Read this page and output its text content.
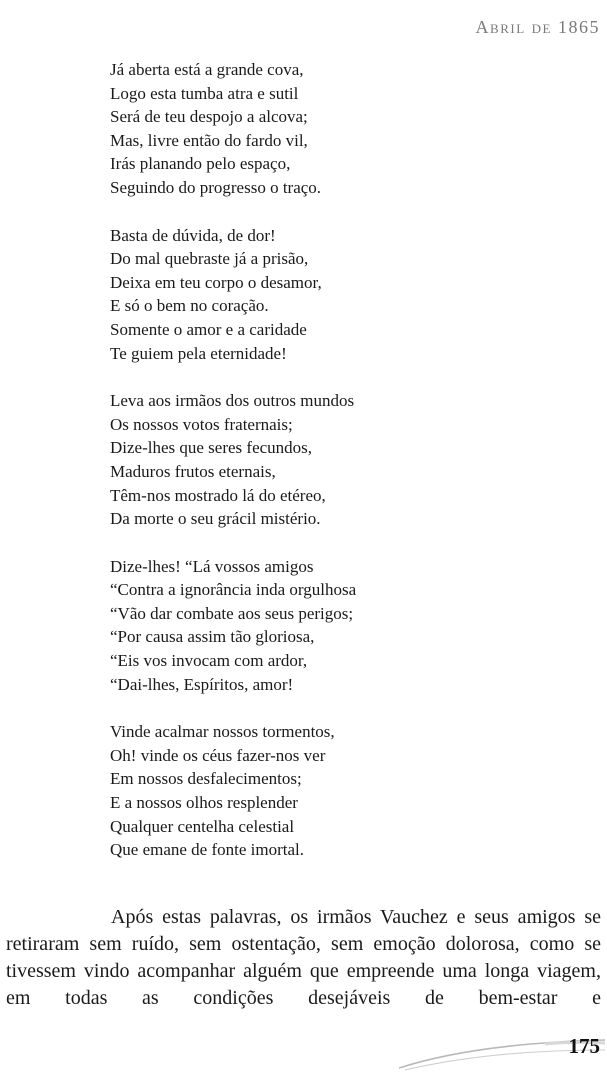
Abril de 1865
Já aberta está a grande cova,
Logo esta tumba atra e sutil
Será de teu despojo a alcova;
Mas, livre então do fardo vil,
Irás planando pelo espaço,
Seguindo do progresso o traço.
Basta de dúvida, de dor!
Do mal quebraste já a prisão,
Deixa em teu corpo o desamor,
E só o bem no coração.
Somente o amor e a caridade
Te guiem pela eternidade!
Leva aos irmãos dos outros mundos
Os nossos votos fraternais;
Dize-lhes que seres fecundos,
Maduros frutos eternais,
Têm-nos mostrado lá do etéreo,
Da morte o seu grácil mistério.
Dize-lhes! “Lá vossos amigos
“Contra a ignorância inda orgulhosa
“Vão dar combate aos seus perigos;
“Por causa assim tão gloriosa,
“Eis vos invocam com ardor,
“Dai-lhes, Espíritos, amor!
Vinde acalmar nossos tormentos,
Oh! vinde os céus fazer-nos ver
Em nossos desfalecimentos;
E a nossos olhos resplender
Qualquer centelha celestial
Que emane de fonte imortal.

Após estas palavras, os irmãos Vauchez e seus amigos se retiraram sem ruído, sem ostentação, sem emoção dolorosa, como se tivessem vindo acompanhar alguém que empreende uma longa viagem, em todas as condições desejáveis de bem-estar e

175
